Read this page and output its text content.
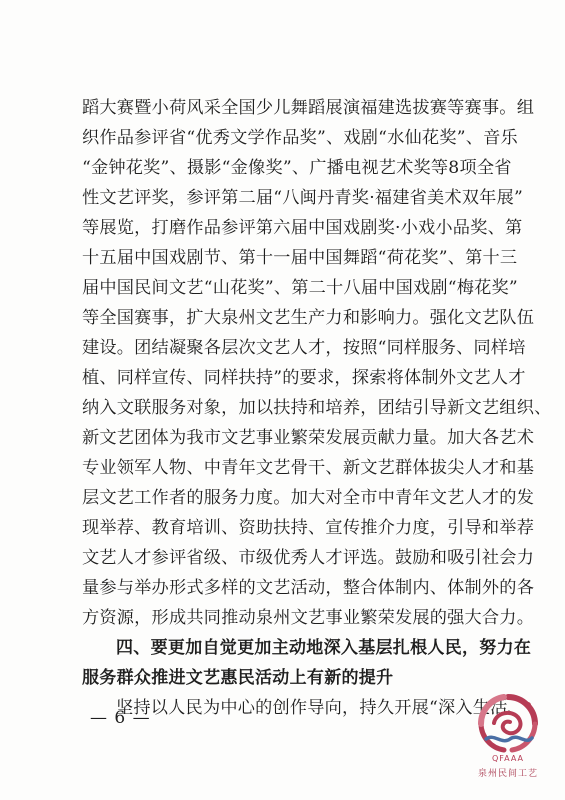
蹈大赛暨小荷风采全国少儿舞蹈展演福建选拔赛等赛事。组
织作品参评省“优秀文学作品奖”、戏剧“水仙花奖”、音乐
“金钟花奖”、摄影“金像奖”、广播电视艺术奖等8项全省
性文艺评奖，参评第二届“八闽丹青奖·福建省美术双年展”
等展览，打磨作品参评第六届中国戏剧奖·小戏小品奖、第
十五届中国戏剧节、第十一届中国舞蹈“荷花奖”、第十三
届中国民间文艺“山花奖”、第二十八届中国戏剧“梅花奖”
等全国赛事，扩大泉州文艺生产力和影响力。强化文艺队伍
建设。团结凝聚各层次文艺人才，按照“同样服务、同样培
植、同样宣传、同样扶持”的要求，探索将体制外文艺人才
纳入文联服务对象，加以扶持和培养，团结引导新文艺组织、
新文艺团体为我市文艺事业繁荣发展贡献力量。加大各艺术
专业领军人物、中青年文艺骨干、新文艺群体拔尖人才和基
层文艺工作者的服务力度。加大对全市中青年文艺人才的发
现举荐、教育培训、资助扶持、宣传推介力度，引导和举荐
文艺人才参评省级、市级优秀人才评选。鼓励和吸引社会力
量参与举办形式多样的文艺活动，整合体制内、体制外的各
方资源，形成共同推动泉州文艺事业繁荣发展的强大合力。
四、要更加自觉更加主动地深入基层扎根人民，努力在
服务群众推进文艺惠民活动上有新的提升
坚持以人民为中心的创作导向，持久开展“深入生活、
— 6 —
QFAAA
泉州民间工艺
